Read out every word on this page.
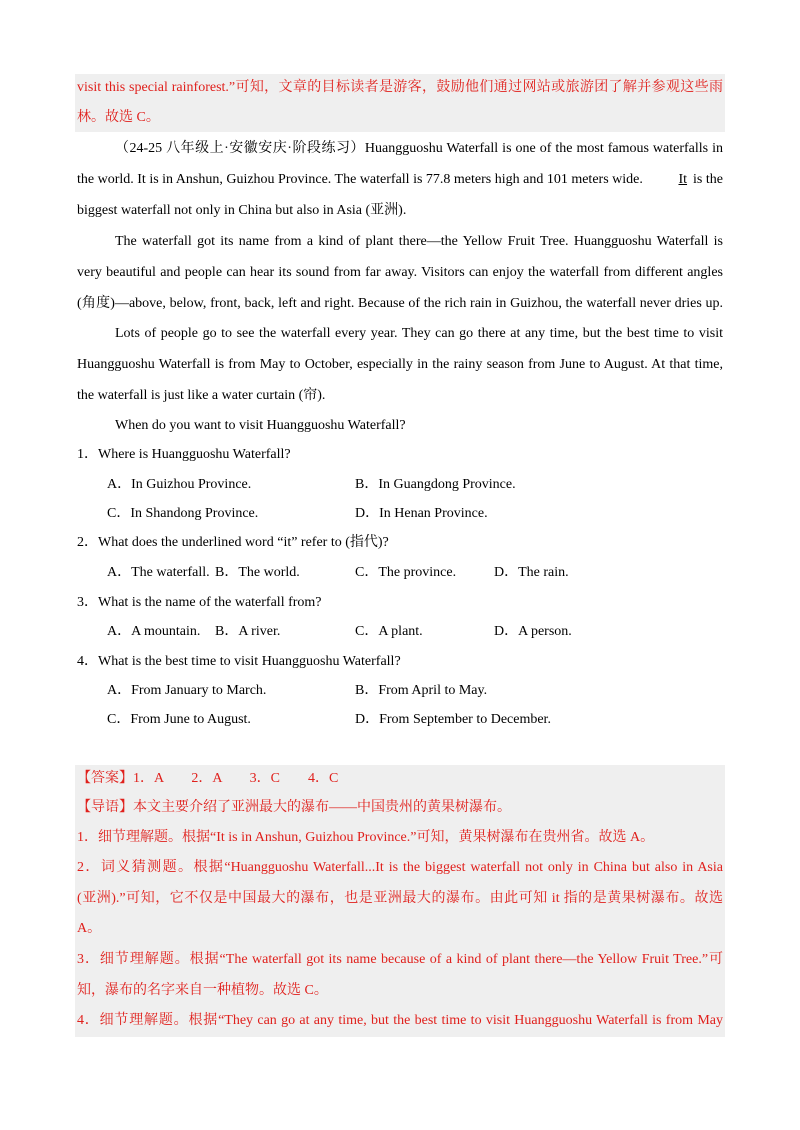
visit this special rainforest.”可知，文章的目标读者是游客，鼓励他们通过网站或旅游团了解并参观这些雨
林。故选 C。
（24-25 八年级上·安徽安庆·阶段练习）Huangguoshu Waterfall is one of the most famous waterfalls in
the world. It is in Anshun, Guizhou Province. The waterfall is 77.8 meters high and 101 meters wide.	It is the
biggest waterfall not only in China but also in Asia (亚洲).
The waterfall got its name from a kind of plant there—the Yellow Fruit Tree. Huangguoshu Waterfall is
very beautiful and people can hear its sound from far away. Visitors can enjoy the waterfall from different angles
(角度)—above, below, front, back, left and right. Because of the rich rain in Guizhou, the waterfall never dries up.
Lots of people go to see the waterfall every year. They can go there at any time, but the best time to visit
Huangguoshu Waterfall is from May to October, especially in the rainy season from June to August. At that time,
the waterfall is just like a water curtain (帘).
When do you want to visit Huangguoshu Waterfall?
1．Where is Huangguoshu Waterfall?
A．In Guizhou Province.	B．In Guangdong Province.
C．In Shandong Province.	D．In Henan Province.
2．What does the underlined word “it” refer to (指代)?
A．The waterfall. B．The world.	C．The province.	D．The rain.
3．What is the name of the waterfall from?
A．A mountain. B．A river.	C．A plant.	D．A person.
4．What is the best time to visit Huangguoshu Waterfall?
A．From January to March.	B．From April to May.
C．From June to August.	D．From September to December.
【答案】1．A　　2．A　　3．C　　4．C
【导语】本文主要介绍了亚洲最大的瀑布——中国贵州的黄果树瀑布。
1．细节理解题。根据“It is in Anshun, Guizhou Province.”可知，黄果树瀑布在贵州省。故选 A。
2．词义猜测题。根据“Huangguoshu Waterfall...It is the biggest waterfall not only in China but also in Asia
(亚洲).”可知，它不仅是中国最大的瀑布，也是亚洲最大的瀑布。由此可知 it 指的是黄果树瀑布。故选
A。
3．细节理解题。根据“The waterfall got its name because of a kind of plant there—the Yellow Fruit Tree.”可
知，瀑布的名字来自一种植物。故选 C。
4．细节理解题。根据“They can go at any time, but the best time to visit Huangguoshu Waterfall is from May
